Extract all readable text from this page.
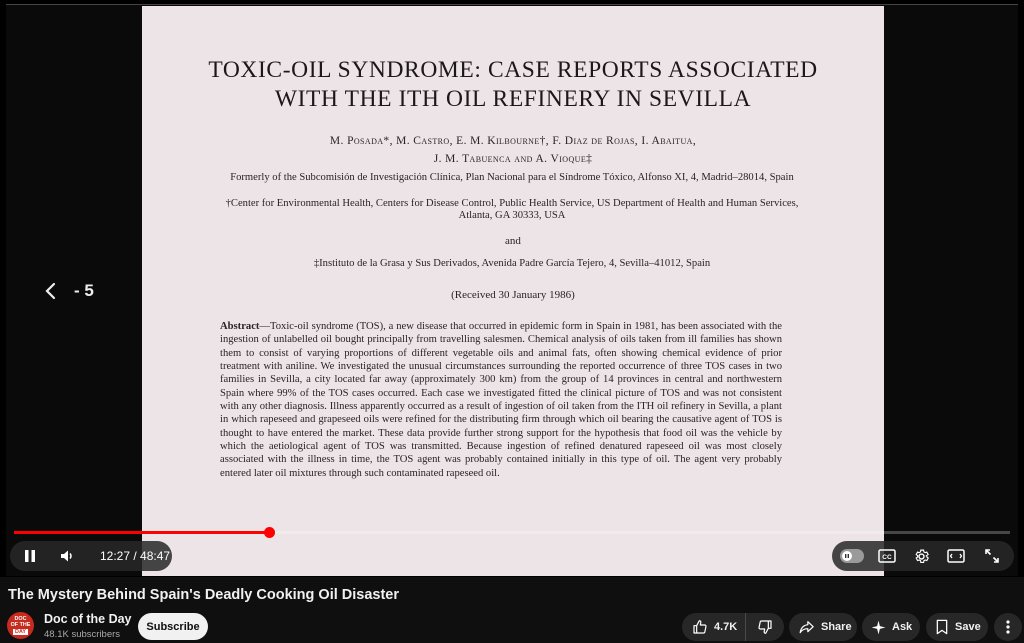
TOXIC-OIL SYNDROME: CASE REPORTS ASSOCIATED
WITH THE ITH OIL REFINERY IN SEVILLA
M. Posada*, M. Castro, E. M. Kilbourne†, F. Diaz de Rojas, I. Abaitua,
J. M. Tabuenca and A. Vioque‡
Formerly of the Subcomisión de Investigación Clínica, Plan Nacional para el Síndrome Tóxico, Alfonso XI, 4, Madrid–28014, Spain
†Center for Environmental Health, Centers for Disease Control, Public Health Service, US Department of Health and Human Services, Atlanta, GA 30333, USA
and
‡Instituto de la Grasa y Sus Derivados, Avenida Padre García Tejero, 4, Sevilla–41012, Spain
(Received 30 January 1986)
Abstract—Toxic-oil syndrome (TOS), a new disease that occurred in epidemic form in Spain in 1981, has been associated with the ingestion of unlabelled oil bought principally from travelling salesmen. Chemical analysis of oils taken from ill families has shown them to consist of varying proportions of different vegetable oils and animal fats, often showing chemical evidence of prior treatment with aniline. We investigated the unusual circumstances surrounding the reported occurrence of three TOS cases in two families in Sevilla, a city located far away (approximately 300 km) from the group of 14 provinces in central and northwestern Spain where 99% of the TOS cases occurred. Each case we investigated fitted the clinical picture of TOS and was not consistent with any other diagnosis. Illness apparently occurred as a result of ingestion of oil taken from the ITH oil refinery in Sevilla, a plant in which rapeseed and grapeseed oils were refined for the distributing firm through which oil bearing the causative agent of TOS is thought to have entered the market. These data provide further strong support for the hypothesis that food oil was the vehicle by which the aetiological agent of TOS was transmitted. Because ingestion of refined denatured rapeseed oil was most closely associated with the illness in time, the TOS agent was probably contained initially in this type of oil. The agent very probably entered later oil mixtures through such contaminated rapeseed oil.
- 5
12:27 / 48:47	CC
The Mystery Behind Spain's Deadly Cooking Oil Disaster
DOC
OF THE
DAY
Doc of the Day
48.1K subscribers
Subscribe	4.7K	Share	Ask	Save
